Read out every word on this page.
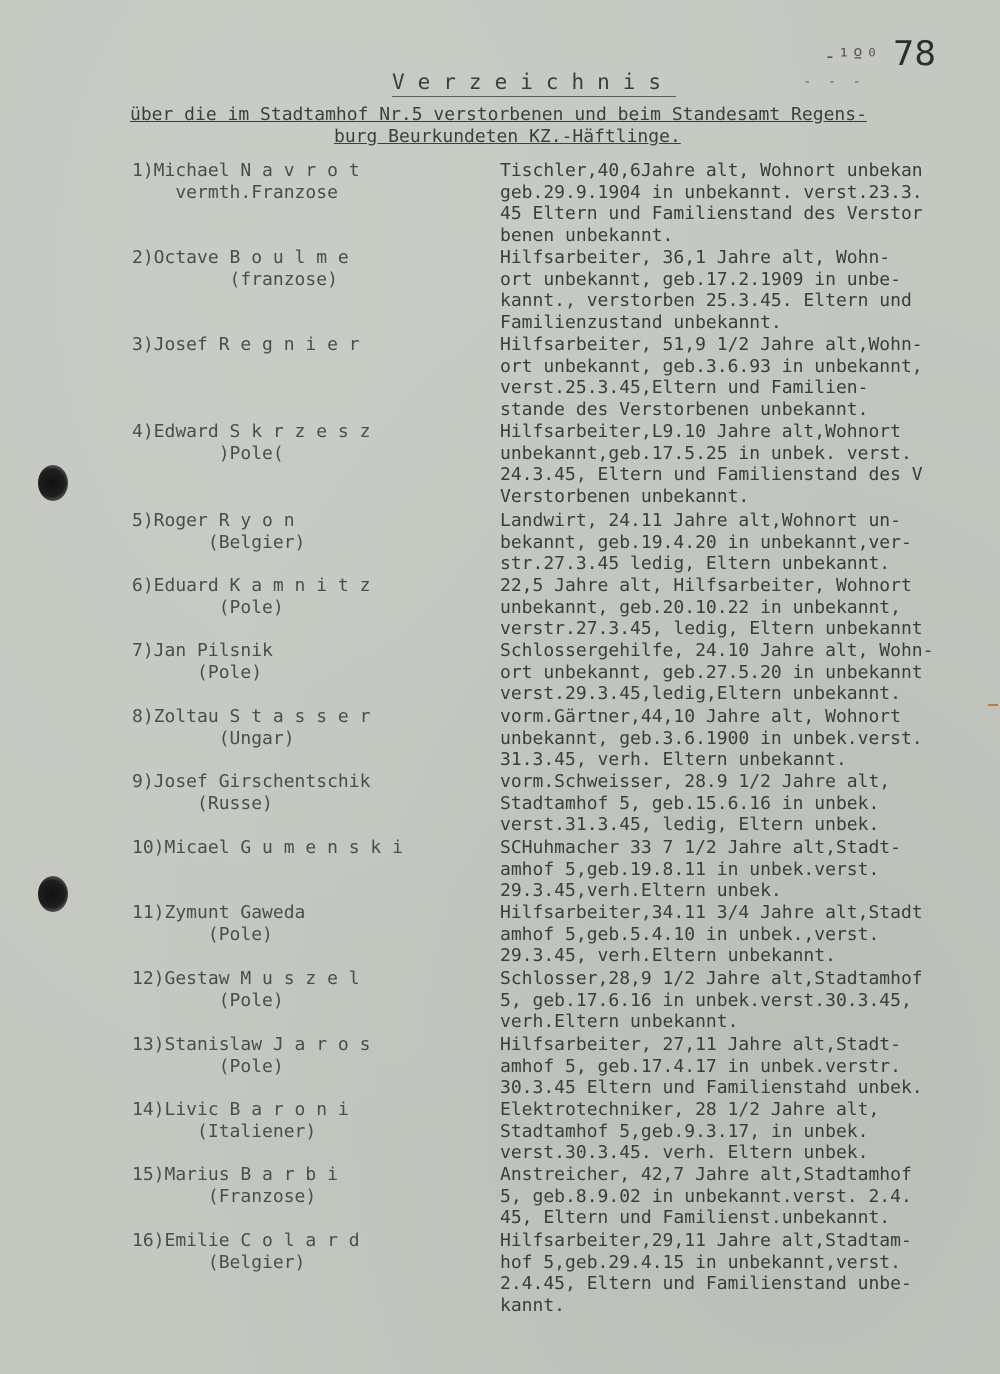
-¹º⁰
- - -
78
Verzeichnis
über die im Stadtamhof Nr.5 verstorbenen und beim Standesamt Regens-
burg Beurkundeten KZ.-Häftlinge.
1)Michael N a v r o t
vermth.Franzose
Tischler,40,6Jahre alt, Wohnort unbekan
geb.29.9.1904 in unbekannt. verst.23.3.
45 Eltern und Familienstand des Verstor
benen unbekannt.
2)Octave B o u l m e
(franzose)
Hilfsarbeiter, 36,1 Jahre alt, Wohn-
ort unbekannt, geb.17.2.1909 in unbe-
kannt., verstorben 25.3.45. Eltern und
Familienzustand unbekannt.
3)Josef R e g n i e r	Hilfsarbeiter, 51,9 1/2 Jahre alt,Wohn-
ort unbekannt, geb.3.6.93 in unbekannt,
verst.25.3.45,Eltern und Familien-
stande des Verstorbenen unbekannt.
4)Edward S k r z e s z
)Pole(
Hilfsarbeiter,L9.10 Jahre alt,Wohnort
unbekannt,geb.17.5.25 in unbek. verst.
24.3.45, Eltern und Familienstand des V
Verstorbenen unbekannt.
5)Roger R y o n
(Belgier)
Landwirt, 24.11 Jahre alt,Wohnort un-
bekannt, geb.19.4.20 in unbekannt,ver-
str.27.3.45 ledig, Eltern unbekannt.
6)Eduard K a m n i t z
(Pole)
22,5 Jahre alt, Hilfsarbeiter, Wohnort
unbekannt, geb.20.10.22 in unbekannt,
verstr.27.3.45, ledig, Eltern unbekannt
7)Jan Pilsnik
(Pole)
Schlossergehilfe, 24.10 Jahre alt, Wohn-
ort unbekannt, geb.27.5.20 in unbekannt
verst.29.3.45,ledig,Eltern unbekannt.
8)Zoltau S t a s s e r
(Ungar)
vorm.Gärtner,44,10 Jahre alt, Wohnort
unbekannt, geb.3.6.1900 in unbek.verst.
31.3.45, verh. Eltern unbekannt.
9)Josef Girschentschik
(Russe)
vorm.Schweisser, 28.9 1/2 Jahre alt,
Stadtamhof 5, geb.15.6.16 in unbek.
verst.31.3.45, ledig, Eltern unbek.
10)Micael G u m e n s k i	SCHuhmacher 33 7 1/2 Jahre alt,Stadt-
amhof 5,geb.19.8.11 in unbek.verst.
29.3.45,verh.Eltern unbek.
11)Zymunt Gaweda
(Pole)
Hilfsarbeiter,34.11 3/4 Jahre alt,Stadt
amhof 5,geb.5.4.10 in unbek.,verst.
29.3.45, verh.Eltern unbekannt.
12)Gestaw M u s z e l
(Pole)
Schlosser,28,9 1/2 Jahre alt,Stadtamhof
5, geb.17.6.16 in unbek.verst.30.3.45,
verh.Eltern unbekannt.
13)Stanislaw J a r o s
(Pole)
Hilfsarbeiter, 27,11 Jahre alt,Stadt-
amhof 5, geb.17.4.17 in unbek.verstr.
30.3.45 Eltern und Familienstahd unbek.
14)Livic B a r o n i
(Italiener)
Elektrotechniker, 28 1/2 Jahre alt,
Stadtamhof 5,geb.9.3.17, in unbek.
verst.30.3.45. verh. Eltern unbek.
15)Marius B a r b i
(Franzose)
Anstreicher, 42,7 Jahre alt,Stadtamhof
5, geb.8.9.02 in unbekannt.verst. 2.4.
45, Eltern und Familienst.unbekannt.
16)Emilie C o l a r d
(Belgier)
Hilfsarbeiter,29,11 Jahre alt,Stadtam-
hof 5,geb.29.4.15 in unbekannt,verst.
2.4.45, Eltern und Familienstand unbe-
kannt.
